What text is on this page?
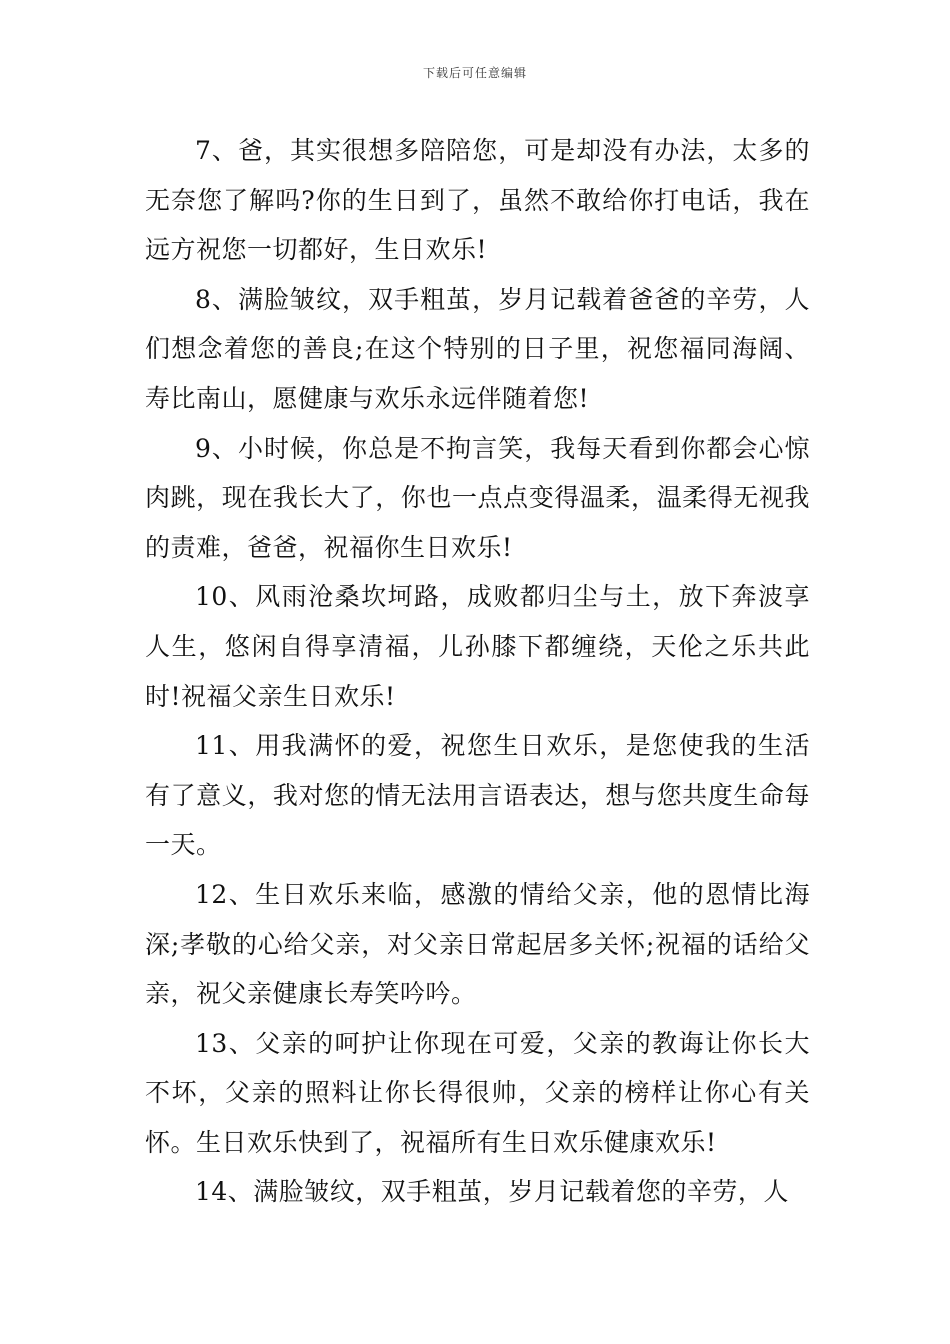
下载后可任意编辑

7、爸，其实很想多陪陪您，可是却没有办法，太多的无奈您了解吗?你的生日到了，虽然不敢给你打电话，我在远方祝您一切都好，生日欢乐!

8、满脸皱纹，双手粗茧，岁月记载着爸爸的辛劳，人们想念着您的善良;在这个特别的日子里，祝您福同海阔、寿比南山，愿健康与欢乐永远伴随着您!

9、小时候，你总是不拘言笑，我每天看到你都会心惊肉跳，现在我长大了，你也一点点变得温柔，温柔得无视我的责难，爸爸，祝福你生日欢乐!

10、风雨沧桑坎坷路，成败都归尘与土，放下奔波享人生，悠闲自得享清福，儿孙膝下都缠绕，天伦之乐共此时!祝福父亲生日欢乐!

11、用我满怀的爱，祝您生日欢乐，是您使我的生活有了意义，我对您的情无法用言语表达，想与您共度生命每一天。

12、生日欢乐来临，感激的情给父亲，他的恩情比海深;孝敬的心给父亲，对父亲日常起居多关怀;祝福的话给父亲，祝父亲健康长寿笑吟吟。

13、父亲的呵护让你现在可爱，父亲的教诲让你长大不坏，父亲的照料让你长得很帅，父亲的榜样让你心有关怀。生日欢乐快到了，祝福所有生日欢乐健康欢乐!

14、满脸皱纹，双手粗茧，岁月记载着您的辛劳，人
